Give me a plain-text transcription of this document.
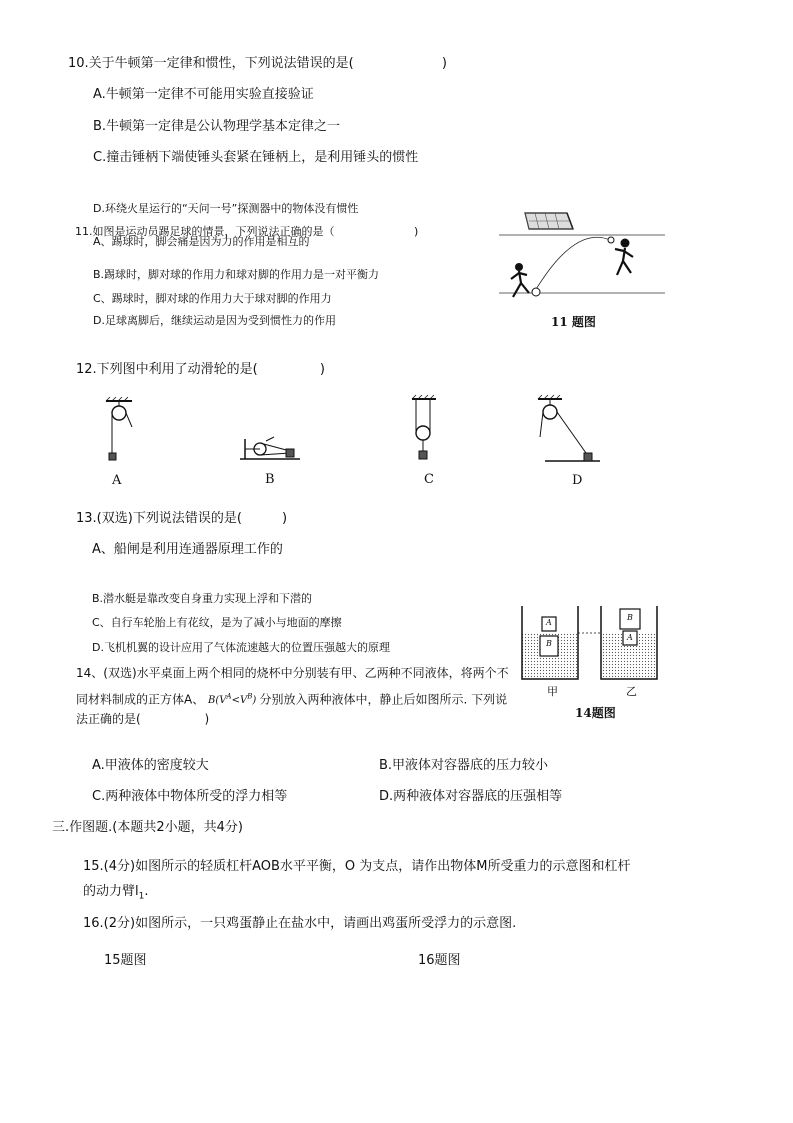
10.关于牛顿第一定律和惯性，下列说法错误的是(	)
A.牛顿第一定律不可能用实验直接验证
B.牛顿第一定律是公认物理学基本定律之一
C.撞击锤柄下端使锤头套紧在锤柄上，是利用锤头的惯性
D.环绕火星运行的“天问一号”探测器中的物体没有惯性
11.如图是运动员踢足球的情景，下列说法正确的是（	)
A、踢球时，脚会痛是因为力的作用是相互的
B.踢球时，脚对球的作用力和球对脚的作用力是一对平衡力
C、踢球时，脚对球的作用力大于球对脚的作用力
D.足球离脚后，继续运动是因为受到惯性力的作用	11 题图
12.下列图中利用了动滑轮的是(	)
A	B	C	D
13.(双选)下列说法错误的是(	)
A、船闸是利用连通器原理工作的
B.潜水艇是靠改变自身重力实现上浮和下潜的
C、自行车轮胎上有花纹，是为了减小与地面的摩擦
D.飞机机翼的设计应用了气体流速越大的位置压强越大的原理
A
B
B
A
甲	乙
14题图
14、(双选)水平桌面上两个相同的烧杯中分别装有甲、乙两种不同液体，将两个不
同材料制成的正方体A、 $B(V^A<V^B)$ 分别放入两种液体中，静止后如图所示. 下列说
法正确的是(	)
A.甲液体的密度较大	B.甲液体对容器底的压力较小
C.两种液体中物体所受的浮力相等	D.两种液体对容器底的压强相等
三.作图题.(本题共2小题，共4分)
15.(4分)如图所示的轻质杠杆AOB水平平衡，O 为支点，请作出物体M所受重力的示意图和杠杆
的动力臂$l_1$.
16.(2分)如图所示，一只鸡蛋静止在盐水中，请画出鸡蛋所受浮力的示意图.
15题图	16题图
